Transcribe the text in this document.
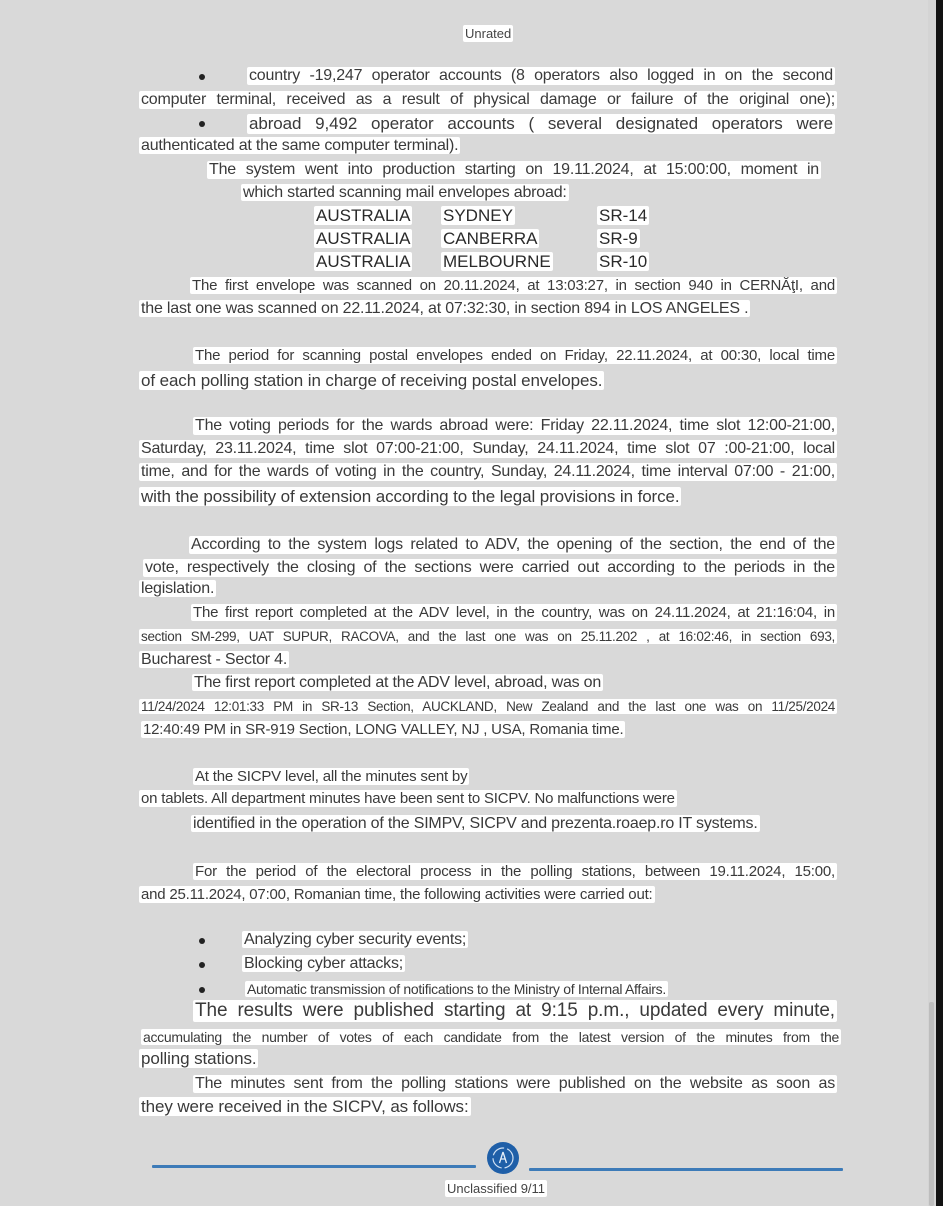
Unrated
country -19,247 operator accounts (8 operators also logged in on the second
computer terminal, received as a result of physical damage or failure of the original one);
abroad 9,492 operator accounts ( several designated operators were
authenticated at the same computer terminal).
The system went into production starting on 19.11.2024, at 15:00:00, moment in
which started scanning mail envelopes abroad:
AUSTRALIA SYDNEY	SR-14
AUSTRALIA CANBERRA	SR-9
AUSTRALIA MELBOURNE	SR-10
The first envelope was scanned on 20.11.2024, at 13:03:27, in section 940 in CERNĂţI, and
the last one was scanned on 22.11.2024, at 07:32:30, in section 894 in LOS ANGELES .
The period for scanning postal envelopes ended on Friday, 22.11.2024, at 00:30, local time
of each polling station in charge of receiving postal envelopes.
The voting periods for the wards abroad were: Friday 22.11.2024, time slot 12:00-21:00,
Saturday, 23.11.2024, time slot 07:00-21:00, Sunday, 24.11.2024, time slot 07 :00-21:00, local
time, and for the wards of voting in the country, Sunday, 24.11.2024, time interval 07:00 - 21:00,
with the possibility of extension according to the legal provisions in force.
According to the system logs related to ADV, the opening of the section, the end of the
vote, respectively the closing of the sections were carried out according to the periods in the
legislation.
The first report completed at the ADV level, in the country, was on 24.11.2024, at 21:16:04, in
section SM-299, UAT SUPUR, RACOVA, and the last one was on 25.11.202 , at 16:02:46, in section 693,
Bucharest - Sector 4.
The first report completed at the ADV level, abroad, was on
11/24/2024 12:01:33 PM in SR-13 Section, AUCKLAND, New Zealand and the last one was on 11/25/2024
12:40:49 PM in SR-919 Section, LONG VALLEY, NJ , USA, Romania time.
At the SICPV level, all the minutes sent by
on tablets. All department minutes have been sent to SICPV. No malfunctions were
identified in the operation of the SIMPV, SICPV and prezenta.roaep.ro IT systems.
For the period of the electoral process in the polling stations, between 19.11.2024, 15:00,
and 25.11.2024, 07:00, Romanian time, the following activities were carried out:
Analyzing cyber security events;
Blocking cyber attacks;
Automatic transmission of notifications to the Ministry of Internal Affairs.
The results were published starting at 9:15 p.m., updated every minute,
accumulating the number of votes of each candidate from the latest version of the minutes from the
polling stations.
The minutes sent from the polling stations were published on the website as soon as
they were received in the SICPV, as follows:
Unclassified 9/11
